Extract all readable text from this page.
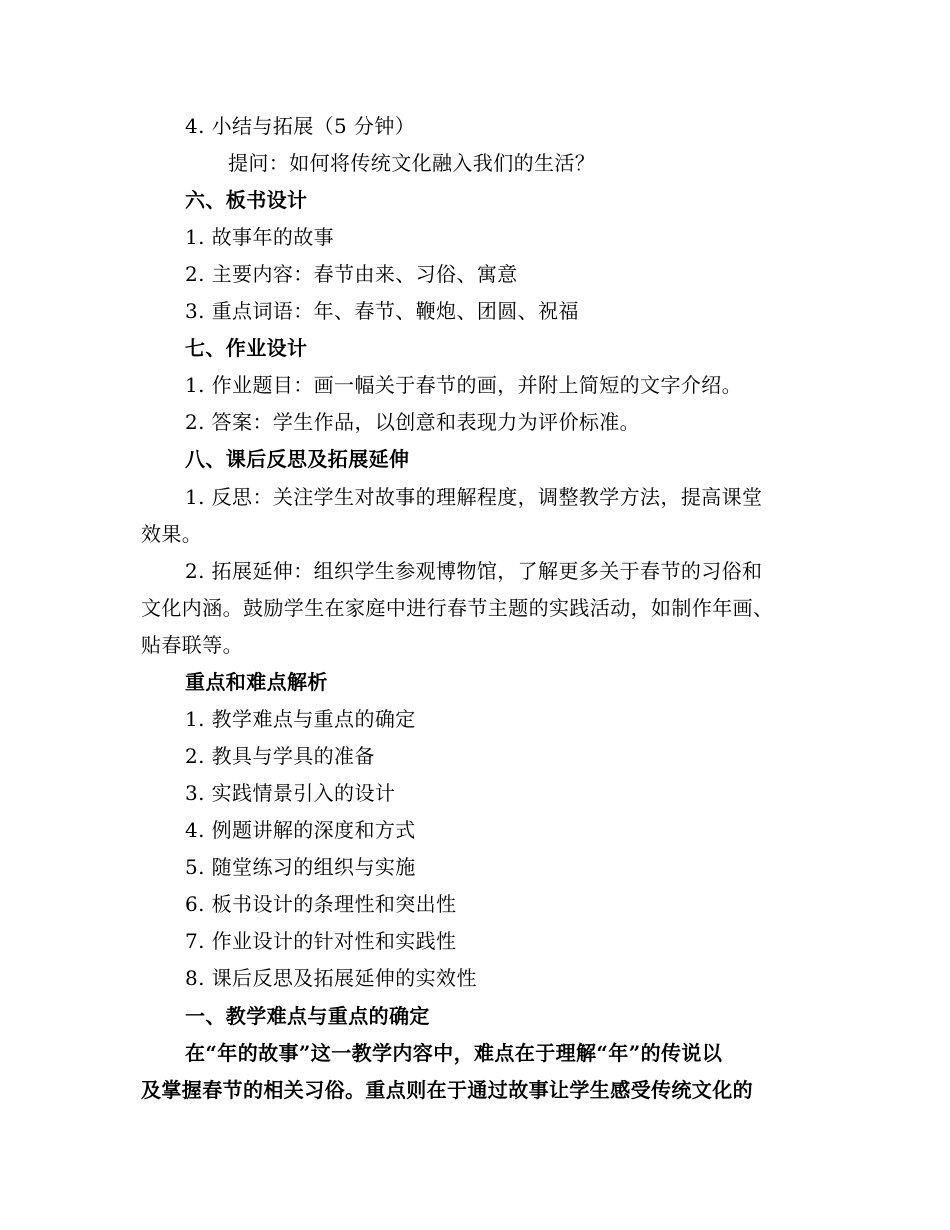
4. 小结与拓展（5 分钟）
提问：如何将传统文化融入我们的生活？
六、板书设计
1. 故事年的故事
2. 主要内容：春节由来、习俗、寓意
3. 重点词语：年、春节、鞭炮、团圆、祝福
七、作业设计
1. 作业题目：画一幅关于春节的画，并附上简短的文字介绍。
2. 答案：学生作品，以创意和表现力为评价标准。
八、课后反思及拓展延伸
1. 反思：关注学生对故事的理解程度，调整教学方法，提高课堂
效果。
2. 拓展延伸：组织学生参观博物馆，了解更多关于春节的习俗和
文化内涵。鼓励学生在家庭中进行春节主题的实践活动，如制作年画、
贴春联等。
重点和难点解析
1. 教学难点与重点的确定
2. 教具与学具的准备
3. 实践情景引入的设计
4. 例题讲解的深度和方式
5. 随堂练习的组织与实施
6. 板书设计的条理性和突出性
7. 作业设计的针对性和实践性
8. 课后反思及拓展延伸的实效性
一、教学难点与重点的确定
在“年的故事”这一教学内容中，难点在于理解“年”的传说以
及掌握春节的相关习俗。重点则在于通过故事让学生感受传统文化的
